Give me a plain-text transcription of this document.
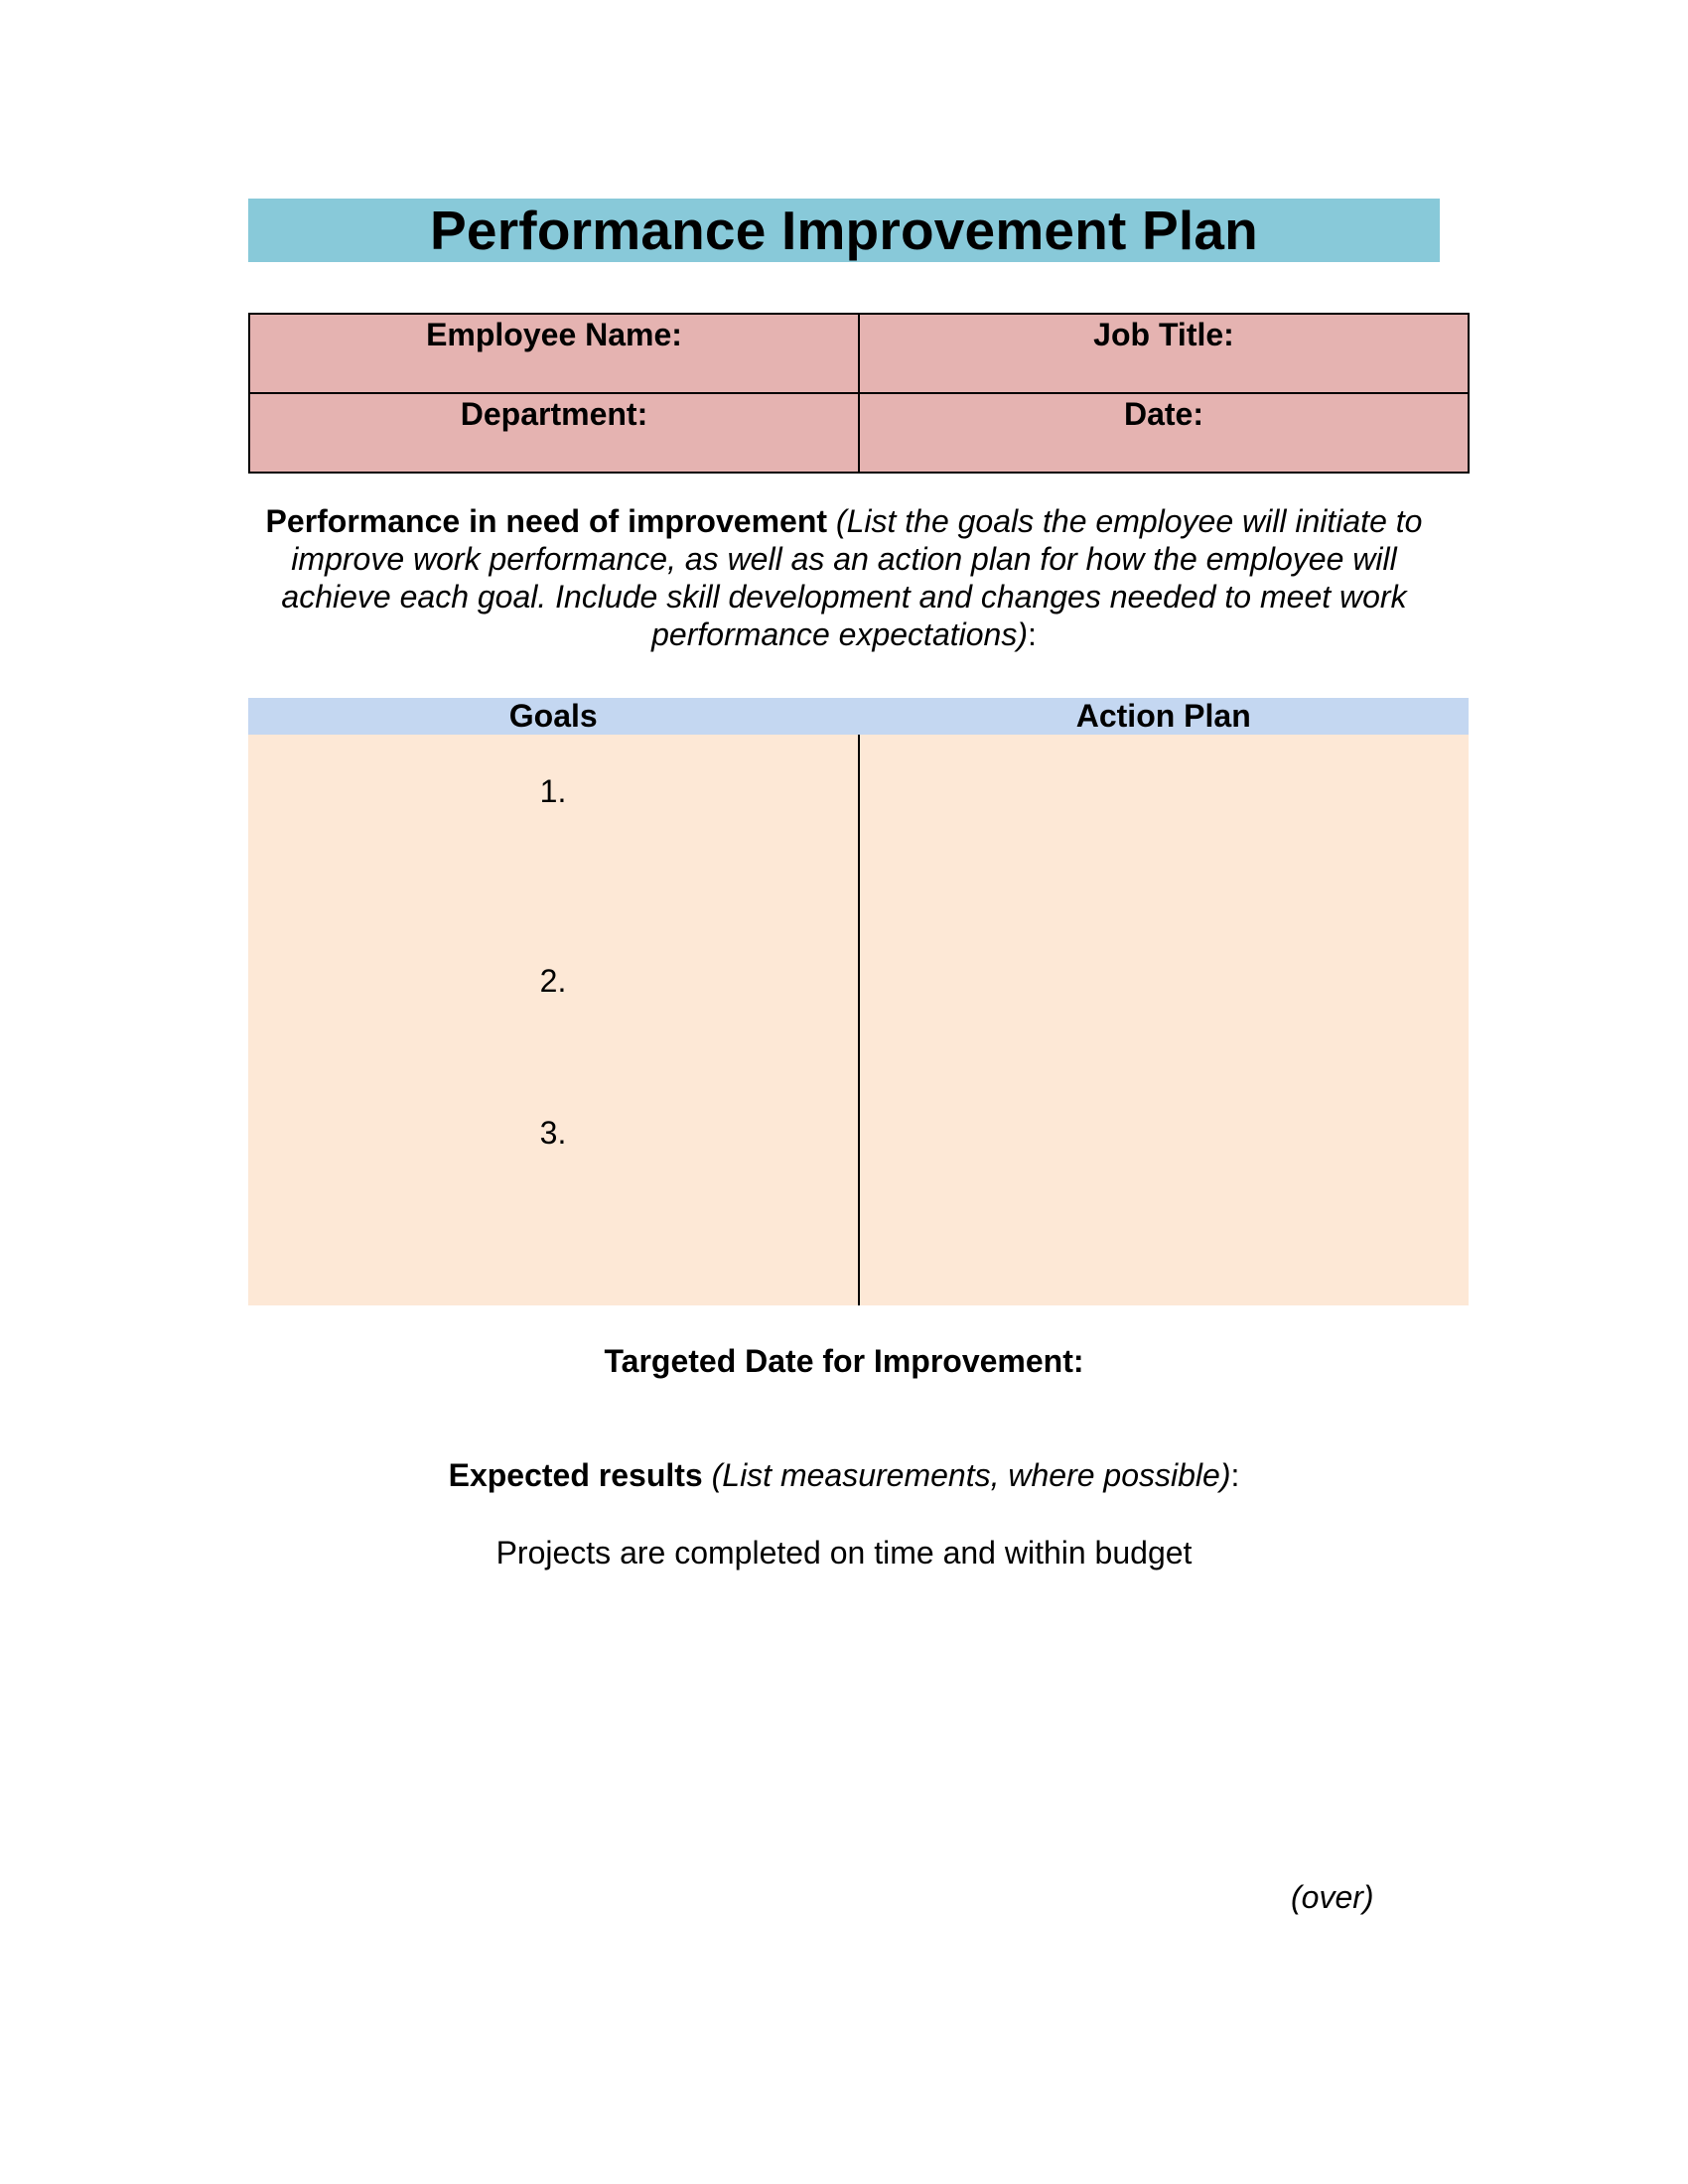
Performance Improvement Plan
Employee Name:	Job Title:
Department:	Date:
Performance in need of improvement (List the goals the employee will initiate to improve work performance, as well as an action plan for how the employee will achieve each goal. Include skill development and changes needed to meet work performance expectations):
Goals	Action Plan
1.
2.
3.
Targeted Date for Improvement:
Expected results (List measurements, where possible):
Projects are completed on time and within budget
(over)
